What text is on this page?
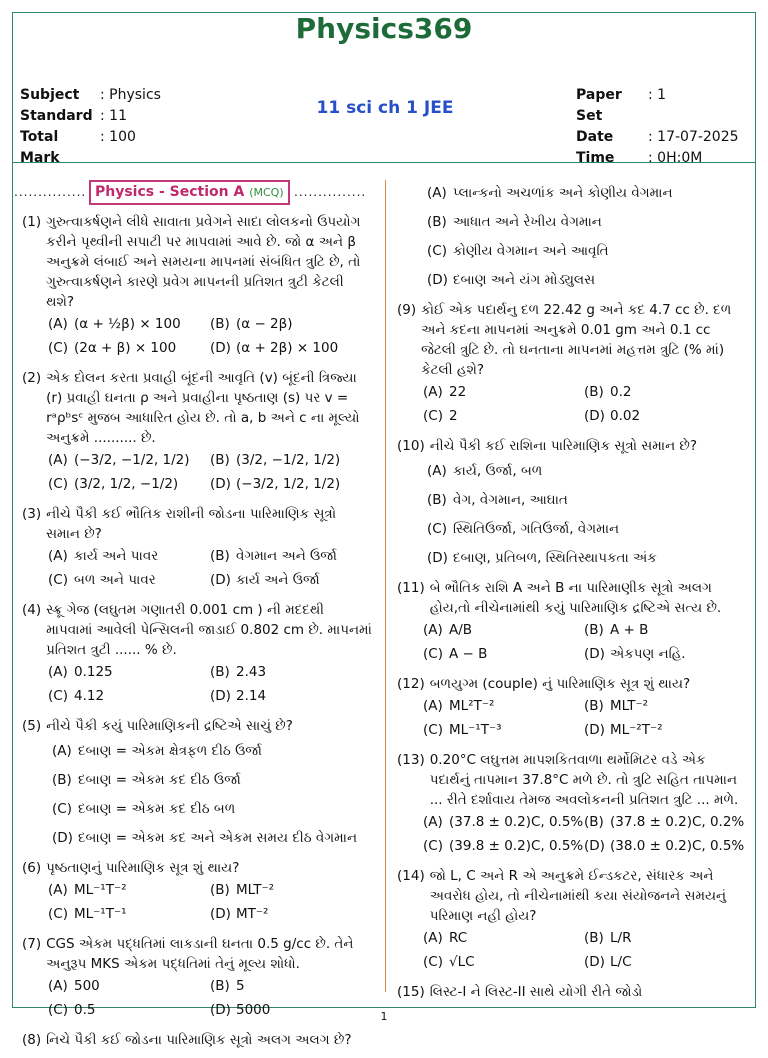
Physics369
Subject	: Physics
Standard : 11
Total Mark
: 100
11 sci ch 1 JEE
Paper Set
: 1
Date	: 17-07-2025
Time	: 0H:0M
...............	...............
Physics - Section A (MCQ)
(1) ગુરુત્વાકર્ષણને લીધે સાવાતા પ્રવેગને સાદા લોલકનો ઉપયોગ કરીને પૃથ્વીની સપાટી પર માપવામાં આવે છે. જો α અને β અનુક્રમે લંબાઈ અને સમયના માપનમાં સંબંધિત ત્રુટિ છે, તો ગુરુત્વાકર્ષણને કારણે પ્રવેગ માપનની પ્રતિશત ત્રુટી કેટલી થશે?
(A) (α + ½β) × 100 (B) (α − 2β)
(C) (2α + β) × 100	(D) (α + 2β) × 100
(2) એક દોલન કરતા પ્રવાહી બૂંદની આવૃતિ (v) બૂંદની ત્રિજ્યા (r) પ્રવાહી ઘનતા ρ અને પ્રવાહીના પૃષ્ઠતાણ (s) પર v = rᵃρᵇsᶜ મુજબ આધારિત હોય છે. તો a, b અને c ના મૂલ્યો અનુક્રમે .......... છે.
(A) (−3/2, −1/2, 1/2) (B) (3/2, −1/2, 1/2)
(C) (3/2, 1/2, −1/2) (D) (−3/2, 1/2, 1/2)
(3) નીચે પૈકી કઈ ભૌતિક રાશીની જોડના પારિમાણિક સૂત્રો સમાન છે?
(A) કાર્ય અને પાવર	(B) વેગમાન અને ઉર્જા
(C) બળ અને પાવર	(D) કાર્ય અને ઉર્જા
(4) સ્ક્રૂ ગેજ (લઘુતમ ગણાતરી 0.001 cm ) ની મદદથી માપવામાં આવેલી પેન્સિલની જાડાઈ 0.802 cm છે. માપનમાં પ્રતિશત ત્રુટી ...... % છે.
(A) 0.125	(B) 2.43
(C) 4.12	(D) 2.14
(5) નીચે પૈકી કયું પારિમાણિકની દ્રષ્ટિએ સાચું છે?
(A) દબાણ = એકમ ક્ષેત્રફળ દીઠ ઉર્જા
(B) દબાણ = એકમ કદ દીઠ ઉર્જા
(C) દબાણ = એકમ કદ દીઠ બળ
(D) દબાણ = એકમ કદ અને એકમ સમય દીઠ વેગમાન
(6) પૃષ્ઠતાણનું પારિમાણિક સૂત્ર શું થાય?
(A) ML⁻¹T⁻²	(B) MLT⁻²
(C) ML⁻¹T⁻¹	(D) MT⁻²
(7) CGS એકમ પદ્ધતિમાં લાકડાની ઘનતા 0.5 g/cc છે. તેને અનુરૂપ MKS એકમ પદ્ધતિમાં તેનું મૂલ્ય શોધો.
(A) 500	(B) 5
(C) 0.5	(D) 5000
(8) નિચે પૈકી કઈ જોડના પારિમાણિક સૂત્રો અલગ અલગ છે?
(A) પ્લાન્કનો અચળાંક અને કોણીય વેગમાન
(B) આધાત અને રેખીય વેગમાન
(C) કોણીય વેગમાન અને આવૃતિ
(D) દબાણ અને યંગ મોડ્યુલસ
(9) કોઈ એક પદાર્થનુ દળ 22.42 g અને કદ 4.7 cc છે. દળ અને કદના માપનમાં અનુક્રમે 0.01 gm અને 0.1 cc જેટલી ત્રુટિ છે. તો ઘનતાના માપનમાં મહત્તમ ત્રુટિ (% માં) કેટલી હશે?
(A) 22	(B) 0.2
(C) 2	(D) 0.02
(10) નીચે પૈકી કઈ રાશિના પારિમાણિક સૂત્રો સમાન છે?
(A) કાર્ય, ઉર્જા, બળ
(B) વેગ, વેગમાન, આઘાત
(C) સ્થિતિઉર્જા, ગતિઉર્જા, વેગમાન
(D) દબાણ, પ્રતિબળ, સ્થિતિસ્થાપકતા અંક
(11) બે ભૌતિક રાશિ A અને B ના પારિમાણીક સૂત્રો અલગ હોય,તો નીચેનામાંથી કયું પારિમાણિક દ્રષ્ટિએ સત્ય છે.
(A) A/B	(B) A + B
(C) A − B	(D) એકપણ નહિ.
(12) બળયુગ્મ (couple) નું પારિમાણિક સૂત્ર શું થાય?
(A) ML²T⁻²	(B) MLT⁻²
(C) ML⁻¹T⁻³	(D) ML⁻²T⁻²
(13) 0.20°C લઘુત્તમ માપશકિતવાળા થર્મોમિટર વડે એક પદાર્થનું તાપમાન 37.8°C મળે છે. તો ત્રુટિ સહિત તાપમાન ... રીતે દર્શાવાય તેમજ અવલોકનની પ્રતિશત ત્રુટિ ... મળે.
(A) (37.8 ± 0.2)C, 0.5% (B) (37.8 ± 0.2)C, 0.2%
(C) (39.8 ± 0.2)C, 0.5% (D) (38.0 ± 0.2)C, 0.5%
(14) જો L, C અને R એ અનુક્રમે ઈન્ડકટર, સંધારક અને અવરોધ હોય, તો નીચેનામાંથી કયા સંયોજનને સમયનું પરિમાણ નહી હોય?
(A) RC	(B) L/R
(C) √LC	(D) L/C
(15) લિસ્ટ-I ને લિસ્ટ-II સાથે યોગી રીતે જોડો
1
